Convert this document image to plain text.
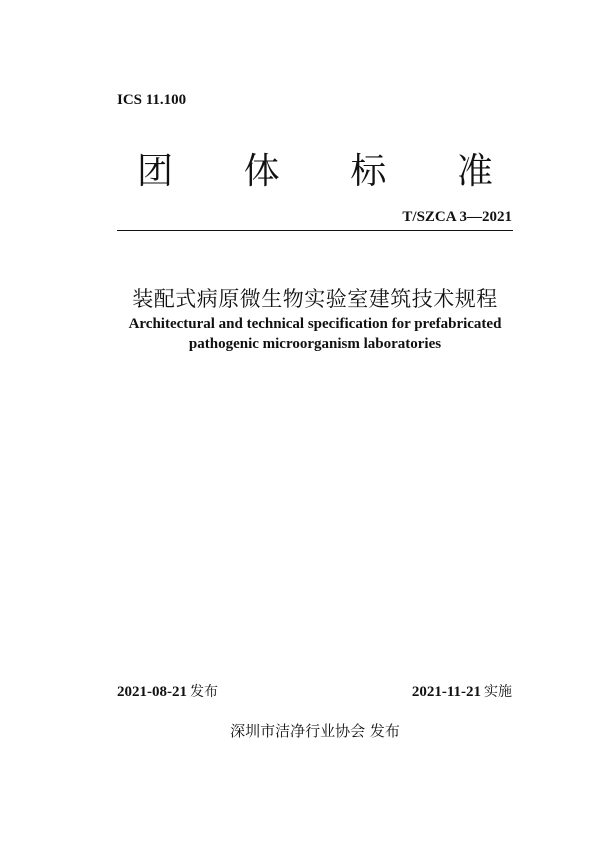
ICS 11.100
团 体 标 准
T/SZCA 3—2021
装配式病原微生物实验室建筑技术规程
Architectural and technical specification for prefabricated
pathogenic microorganism laboratories
2021-08-21 发布	2021-11-21 实施
深圳市洁净行业协会 发布
